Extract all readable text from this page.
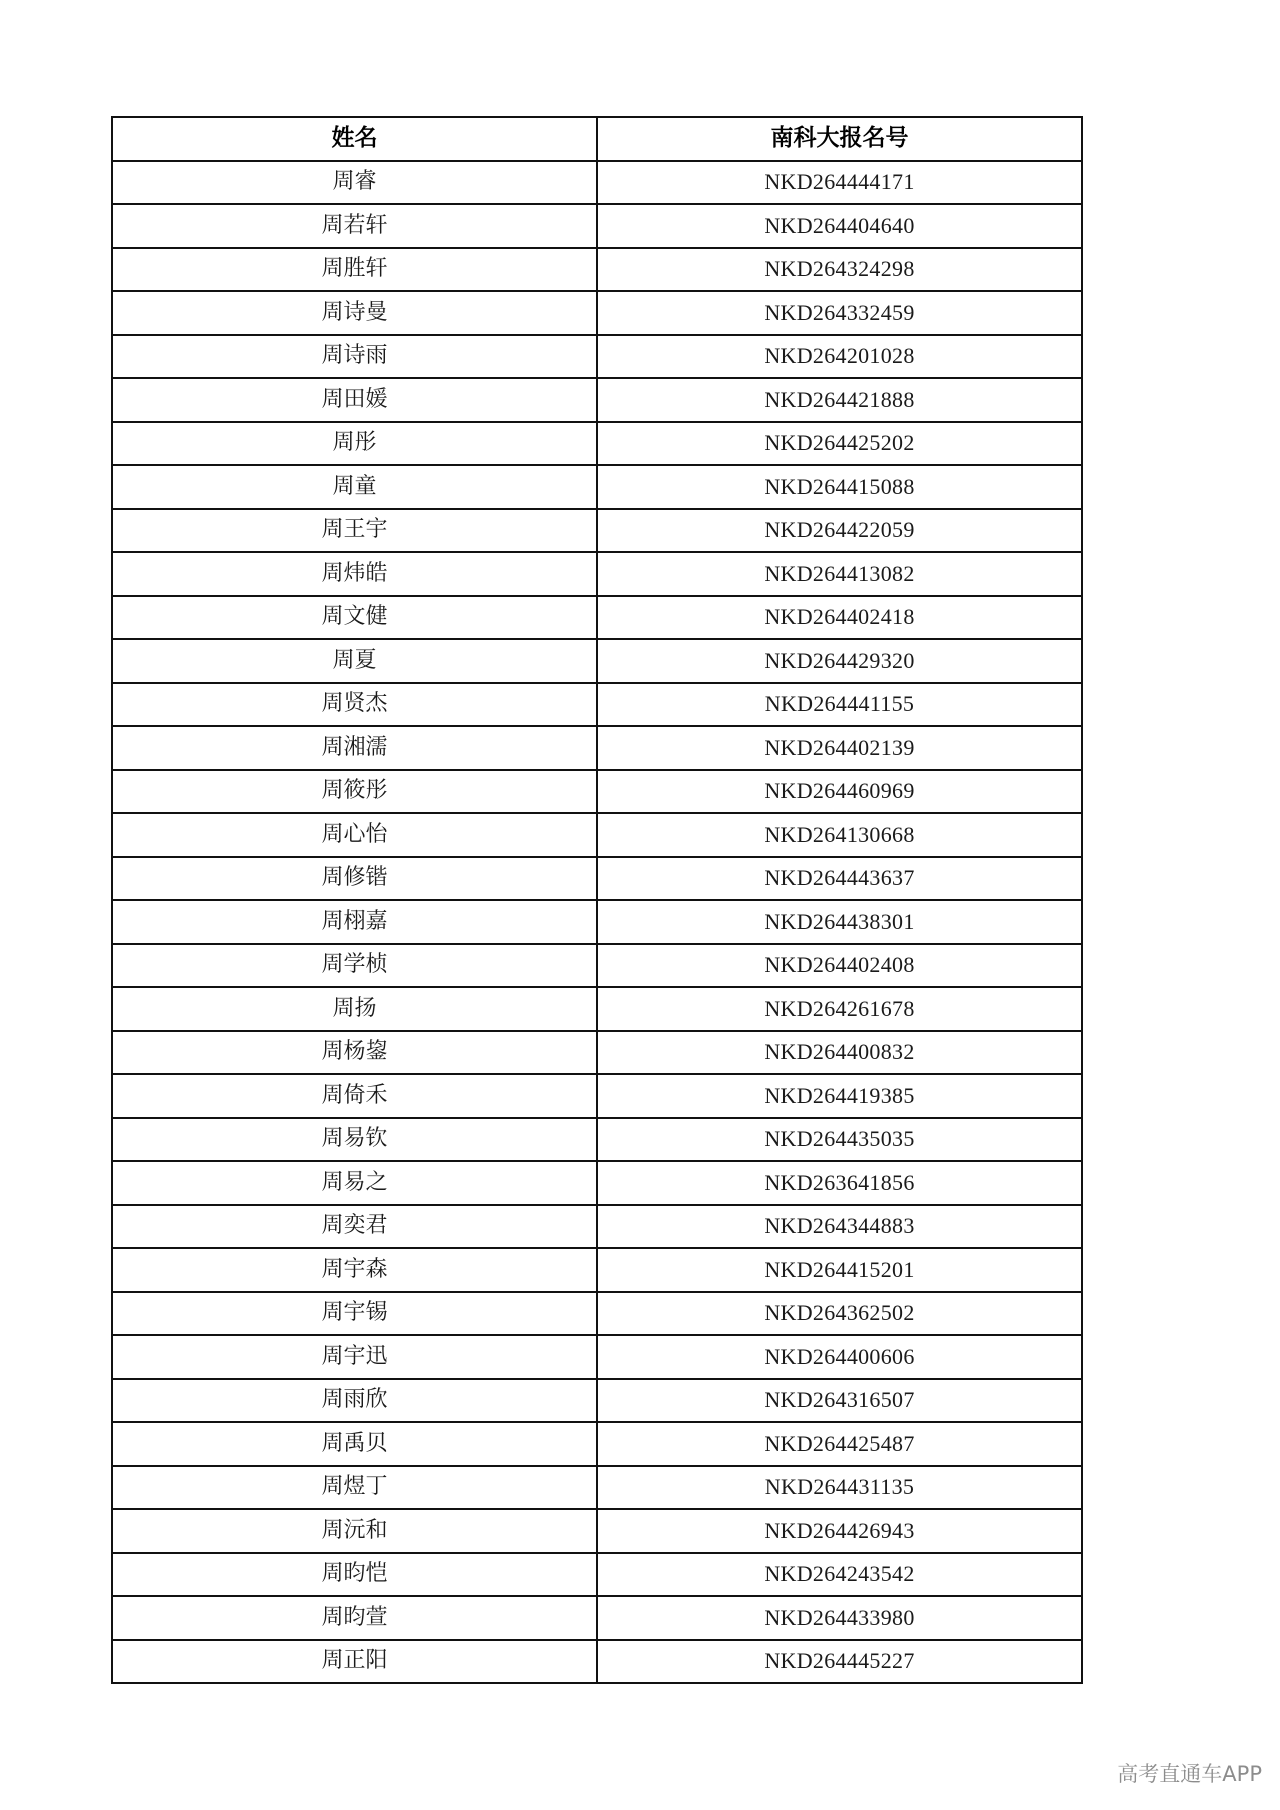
姓名	南科大报名号
周睿	NKD264444171
周若轩	NKD264404640
周胜轩	NKD264324298
周诗曼	NKD264332459
周诗雨	NKD264201028
周田媛	NKD264421888
周彤	NKD264425202
周童	NKD264415088
周王宇	NKD264422059
周炜皓	NKD264413082
周文健	NKD264402418
周夏	NKD264429320
周贤杰	NKD264441155
周湘濡	NKD264402139
周筱彤	NKD264460969
周心怡	NKD264130668
周修锴	NKD264443637
周栩嘉	NKD264438301
周学桢	NKD264402408
周扬	NKD264261678
周杨鋆	NKD264400832
周倚禾	NKD264419385
周易钦	NKD264435035
周易之	NKD263641856
周奕君	NKD264344883
周宇森	NKD264415201
周宇锡	NKD264362502
周宇迅	NKD264400606
周雨欣	NKD264316507
周禹贝	NKD264425487
周煜丁	NKD264431135
周沅和	NKD264426943
周昀恺	NKD264243542
周昀萱	NKD264433980
周正阳	NKD264445227
高考直通车APP
